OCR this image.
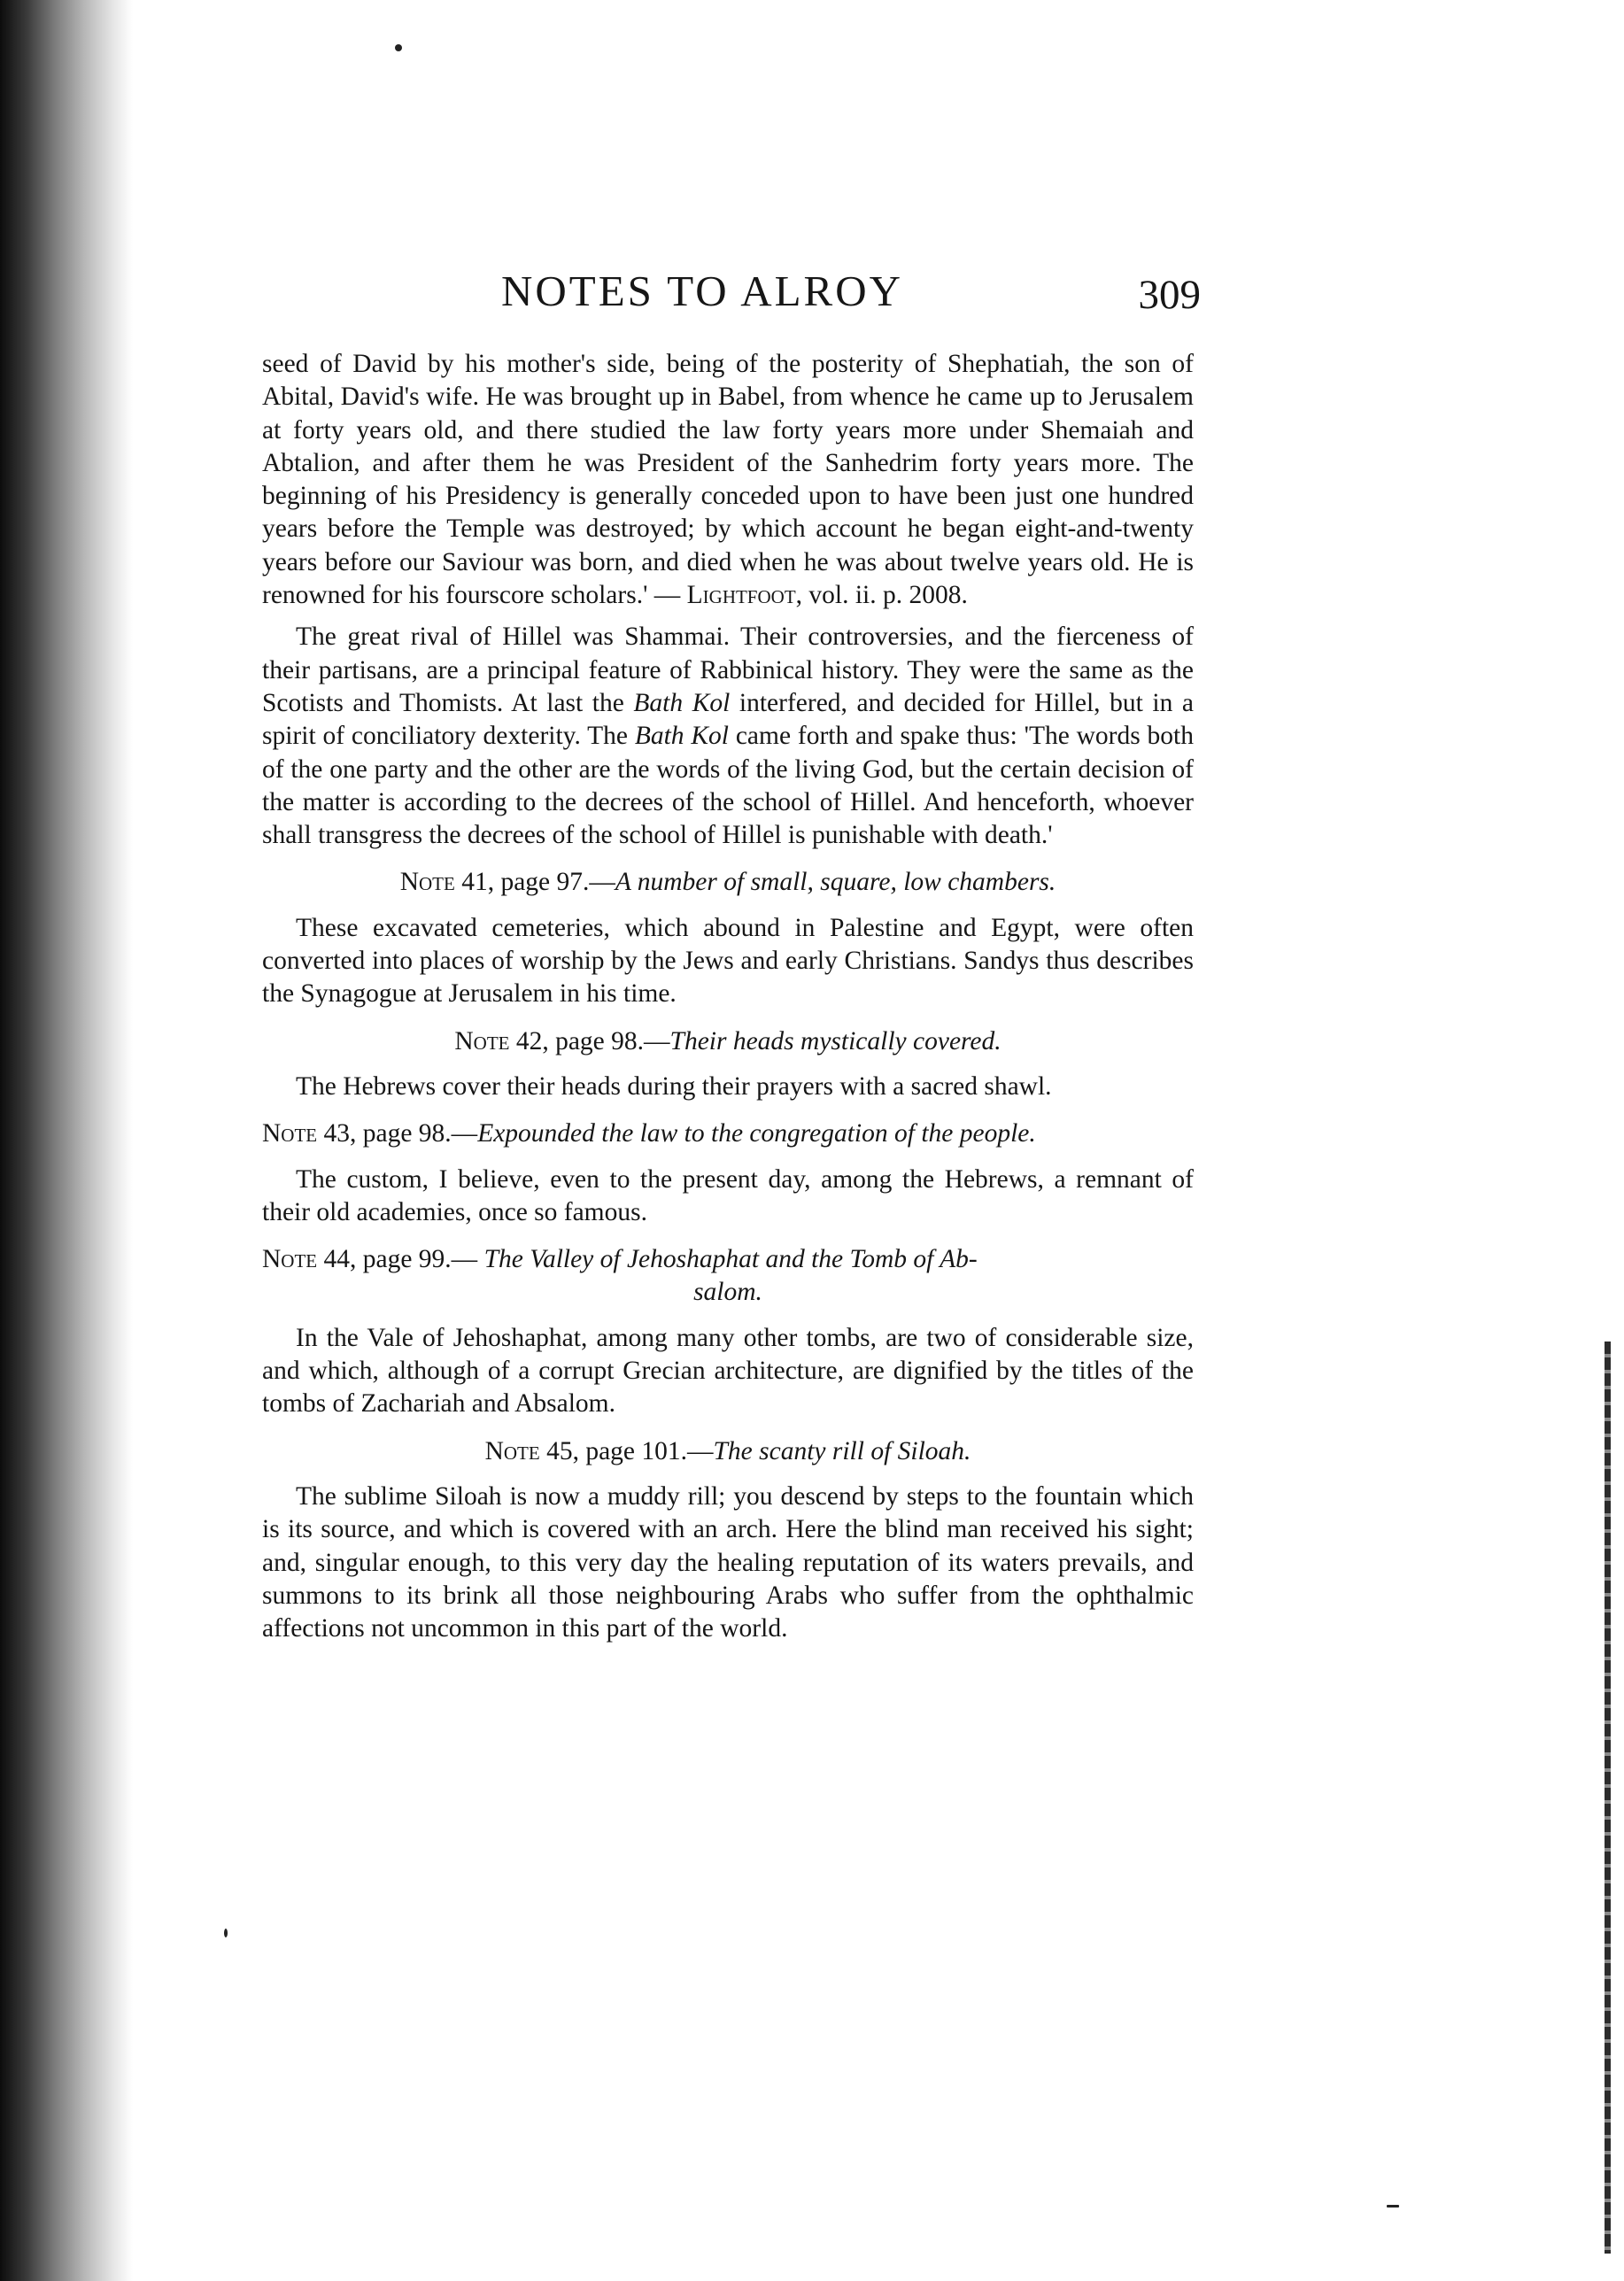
NOTES TO ALROY	309

seed of David by his mother's side, being of the posterity of Shephatiah, the son of Abital, David's wife. He was brought up in Babel, from whence he came up to Jerusalem at forty years old, and there studied the law forty years more under Shemaiah and Abtalion, and after them he was President of the Sanhedrim forty years more. The beginning of his Presidency is generally conceded upon to have been just one hundred years before the Temple was destroyed; by which account he began eight-and-twenty years before our Saviour was born, and died when he was about twelve years old. He is renowned for his fourscore scholars.' — Lightfoot, vol. ii. p. 2008.

The great rival of Hillel was Shammai. Their controversies, and the fierceness of their partisans, are a principal feature of Rabbinical history. They were the same as the Scotists and Thomists. At last the Bath Kol interfered, and decided for Hillel, but in a spirit of conciliatory dexterity. The Bath Kol came forth and spake thus: 'The words both of the one party and the other are the words of the living God, but the certain decision of the matter is according to the decrees of the school of Hillel. And henceforth, whoever shall transgress the decrees of the school of Hillel is punishable with death.'

Note 41, page 97.—A number of small, square, low chambers.

These excavated cemeteries, which abound in Palestine and Egypt, were often converted into places of worship by the Jews and early Christians. Sandys thus describes the Synagogue at Jerusalem in his time.

Note 42, page 98.—Their heads mystically covered.

The Hebrews cover their heads during their prayers with a sacred shawl.

Note 43, page 98.—Expounded the law to the congregation of the people.

The custom, I believe, even to the present day, among the Hebrews, a remnant of their old academies, once so famous.

Note 44, page 99.— The Valley of Jehoshaphat and the Tomb of Ab-
salom.

In the Vale of Jehoshaphat, among many other tombs, are two of considerable size, and which, although of a corrupt Grecian architecture, are dignified by the titles of the tombs of Zachariah and Absalom.

Note 45, page 101.—The scanty rill of Siloah.

The sublime Siloah is now a muddy rill; you descend by steps to the fountain which is its source, and which is covered with an arch. Here the blind man received his sight; and, singular enough, to this very day the healing reputation of its waters prevails, and summons to its brink all those neighbouring Arabs who suffer from the ophthalmic affections not uncommon in this part of the world.
